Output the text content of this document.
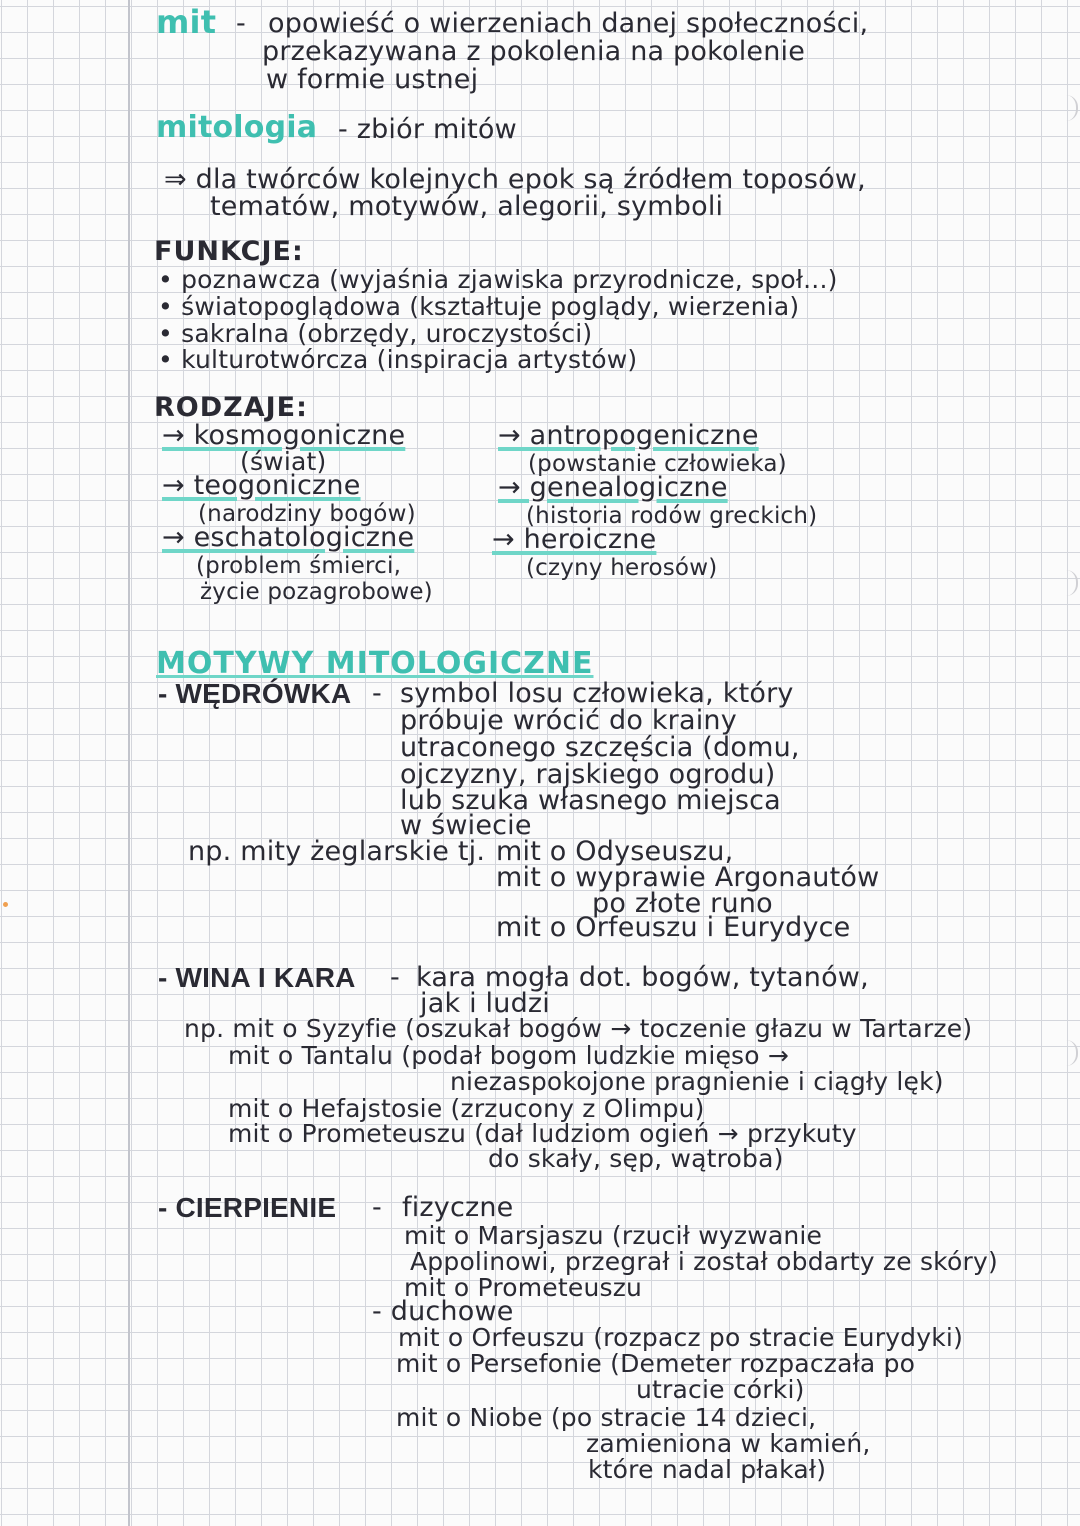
mit - opowieść o wierzeniach danej społeczności,
przekazywana z pokolenia na pokolenie
w formie ustnej
mitologia - zbiór mitów
⇒ dla twórców kolejnych epok są źródłem toposów,
tematów, motywów, alegorii, symboli
FUNKCJE:
• poznawcza (wyjaśnia zjawiska przyrodnicze, społ...)
• światopoglądowa (kształtuje poglądy, wierzenia)
• sakralna (obrzędy, uroczystości)
• kulturotwórcza (inspiracja artystów)
RODZAJE:
→ kosmogoniczne
(świat)
→ teogoniczne
(narodziny bogów)
→ eschatologiczne
(problem śmierci,
życie pozagrobowe)
→ antropogeniczne
(powstanie człowieka)
→ genealogiczne
(historia rodów greckich)
→ heroiczne
(czyny herosów)
MOTYWY MITOLOGICZNE
- WĘDRÓWKA - symbol losu człowieka, który
próbuje wrócić do krainy
utraconego szczęścia (domu,
ojczyzny, rajskiego ogrodu)
lub szuka własnego miejsca
w świecie
np. mity żeglarskie tj. mit o Odyseuszu,
mit o wyprawie Argonautów
po złote runo
mit o Orfeuszu i Eurydyce
- WINA I KARA - kara mogła dot. bogów, tytanów,
jak i ludzi
np. mit o Syzyfie (oszukał bogów → toczenie głazu w Tartarze)
mit o Tantalu (podał bogom ludzkie mięso →
niezaspokojone pragnienie i ciągły lęk)
mit o Hefajstosie (zrzucony z Olimpu)
mit o Prometeuszu (dał ludziom ogień → przykuty
do skały, sęp, wątroba)
- CIERPIENIE - fizyczne
mit o Marsjaszu (rzucił wyzwanie
Appolinowi, przegrał i został obdarty ze skóry)
mit o Prometeuszu
- duchowe
mit o Orfeuszu (rozpacz po stracie Eurydyki)
mit o Persefonie (Demeter rozpaczała po
utracie córki)
mit o Niobe (po stracie 14 dzieci,
zamieniona w kamień,
które nadal płakał)
